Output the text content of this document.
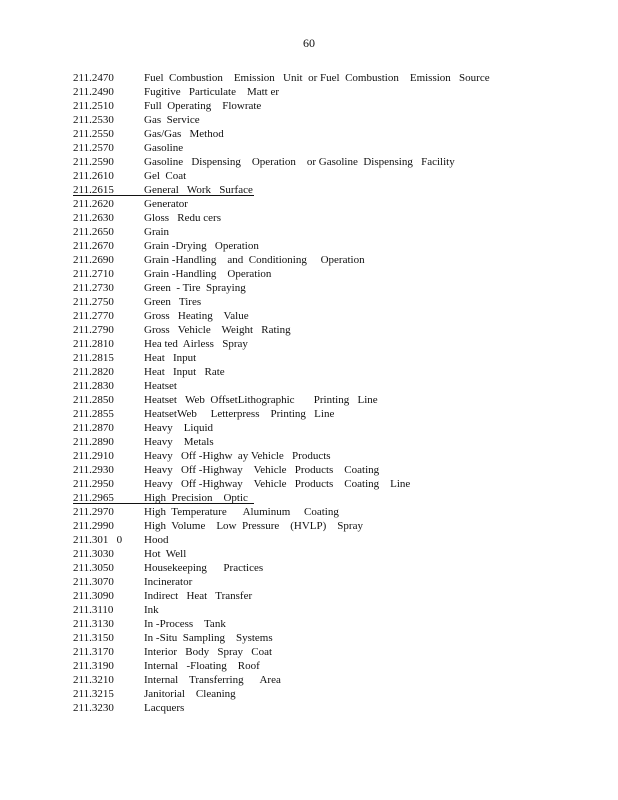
60
211.2470	Fuel  Combustion    Emission   Unit  or Fuel  Combustion    Emission   Source
211.2490	Fugitive   Particulate    Matt er
211.2510	Full  Operating    Flowrate
211.2530	Gas  Service
211.2550	Gas/Gas   Method
211.2570	Gasoline
211.2590	Gasoline   Dispensing    Operation    or Gasoline  Dispensing   Facility
211.2610	Gel  Coat
211.2615	General   Work   Surface
211.2620	Generator
211.2630	Gloss   Redu cers
211.2650	Grain
211.2670	Grain -Drying   Operation
211.2690	Grain -Handling    and  Conditioning     Operation
211.2710	Grain -Handling    Operation
211.2730	Green  - Tire  Spraying
211.2750	Green   Tires
211.2770	Gross   Heating    Value
211.2790	Gross   Vehicle    Weight   Rating
211.2810	Hea ted  Airless   Spray
211.2815	Heat   Input
211.2820	Heat   Input   Rate
211.2830	Heatset
211.2850	Heatset   Web  OffsetLithographic       Printing   Line
211.2855	HeatsetWeb     Letterpress    Printing   Line
211.2870	Heavy    Liquid
211.2890	Heavy    Metals
211.2910	Heavy   Off -Highw  ay Vehicle   Products
211.2930	Heavy   Off -Highway    Vehicle   Products    Coating
211.2950	Heavy   Off -Highway    Vehicle   Products    Coating    Line
211.2965	High  Precision    Optic
211.2970	High  Temperature      Aluminum     Coating
211.2990	High  Volume    Low  Pressure    (HVLP)    Spray
211.301   0	Hood
211.3030	Hot  Well
211.3050	Housekeeping      Practices
211.3070	Incinerator
211.3090	Indirect   Heat   Transfer
211.3110	Ink
211.3130	In -Process    Tank
211.3150	In -Situ  Sampling    Systems
211.3170	Interior   Body   Spray   Coat
211.3190	Internal   -Floating    Roof
211.3210	Internal    Transferring      Area
211.3215	Janitorial    Cleaning
211.3230	Lacquers
